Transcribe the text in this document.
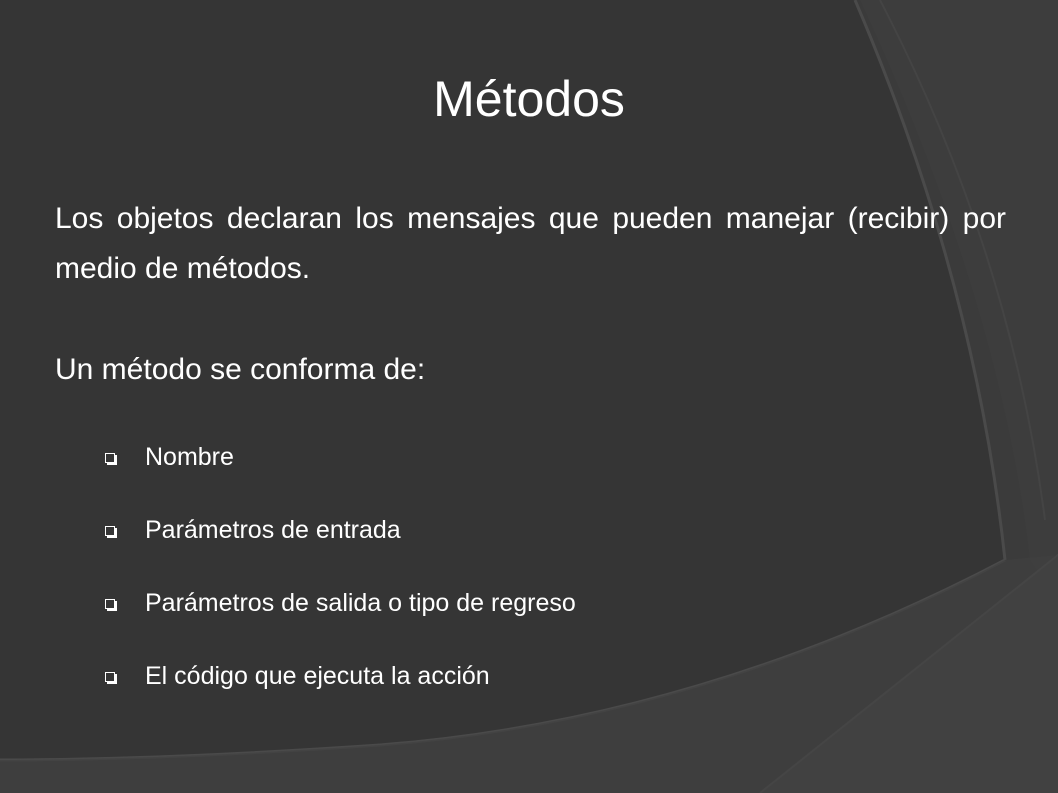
Métodos

Los objetos declaran los mensajes que pueden manejar (recibir) por medio de métodos.

Un método se conforma de:

Nombre
Parámetros de entrada
Parámetros de salida o tipo de regreso
El código que ejecuta la acción
